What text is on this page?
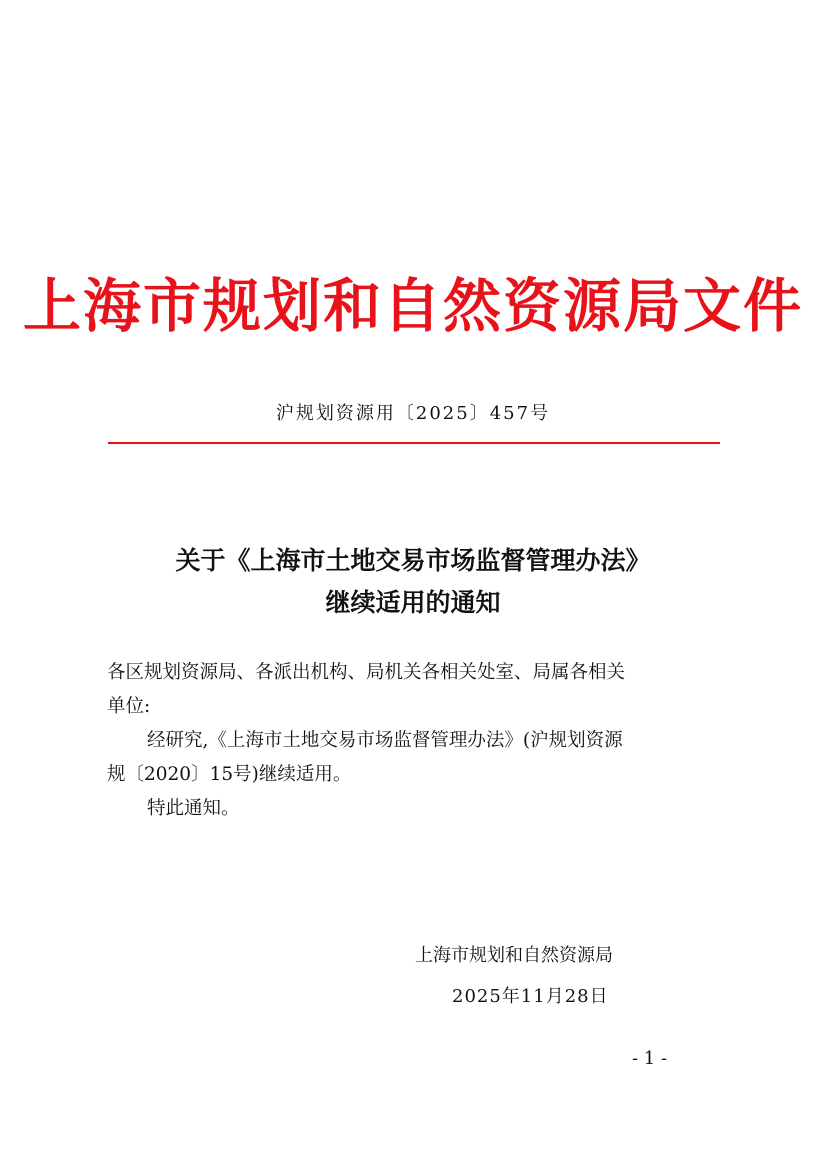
上海市规划和自然资源局文件
沪规划资源用〔2025〕457号
关于《上海市土地交易市场监督管理办法》
继续适用的通知

各区规划资源局、各派出机构、局机关各相关处室、局属各相关

单位:

经研究,《上海市土地交易市场监督管理办法》(沪规划资源

规〔2020〕15号)继续适用。

特此通知。

上海市规划和自然资源局
2025年11月28日
- 1 -
